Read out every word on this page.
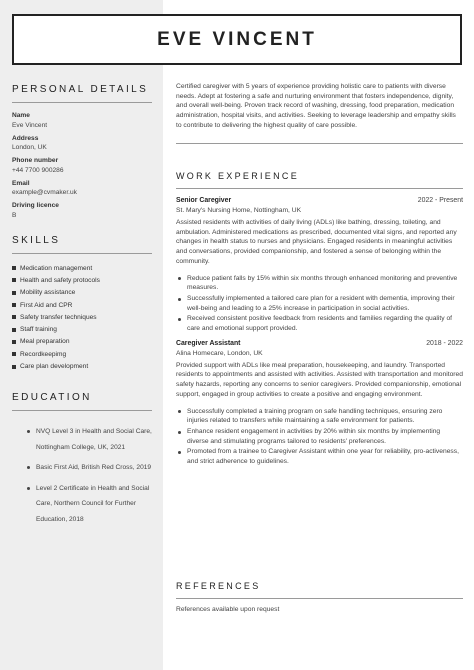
EVE VINCENT
PERSONAL DETAILS
Name
Eve Vincent
Address
London, UK
Phone number
+44 7700 900286
Email
example@cvmaker.uk
Driving licence
B
SKILLS
Medication management
Health and safety protocols
Mobility assistance
First Aid and CPR
Safety transfer techniques
Staff training
Meal preparation
Recordkeepimg
Care plan development
EDUCATION
NVQ Level 3 in Health and Social Care, Nottingham College, UK, 2021
Basic First Aid, British Red Cross, 2019
Level 2 Certificate in Health and Social Care, Northern Council for Further Education, 2018
Certified caregiver with 5 years of experience providing holistic care to patients with diverse needs. Adept at fostering a safe and nurturing environment that fosters independence, dignity, and overall well-being. Proven track record of washing, dressing, food preparation, medication administration, hospital visits, and activities. Seeking to leverage leadership and empathy skills to contribute to delivering the highest quality of care possible.
WORK EXPERIENCE
Senior Caregiver	2022 - Present
St. Mary's Nursing Home, Nottingham, UK
Assisted residents with activities of daily living (ADLs) like bathing, dressing, toileting, and ambulation. Administered medications as prescribed, documented vital signs, and reported any changes in health status to nurses and physicians. Engaged residents in meaningful activities and conversations, provided companionship, and fostered a sense of belonging within the community.
Reduce patient falls by 15% within six months through enhanced monitoring and preventive measures.
Successfully implemented a tailored care plan for a resident with dementia, improving their well-being and leading to a 25% increase in participation in social activities.
Received consistent positive feedback from residents and families regarding the quality of care and emotional support provided.
Caregiver Assistant	2018 - 2022
Alina Homecare, London, UK
Provided support with ADLs like meal preparation, housekeeping, and laundry. Transported residents to appointments and assisted with activities. Assisted with transportation and monitored safety hazards, reporting any concerns to senior caregivers. Provided companionship, emotional support, engaged in group activities to create a positive and engaging environment.
Successfully completed a training program on safe handling techniques, ensuring zero injuries related to transfers while maintaining a safe environment for patients.
Enhance resident engagement in activities by 20% within six months by implementing diverse and stimulating programs tailored to residents' preferences.
Promoted from a trainee to Caregiver Assistant within one year for reliability, pro-activeness, and strict adherence to guidelines.
REFERENCES
References available upon request
